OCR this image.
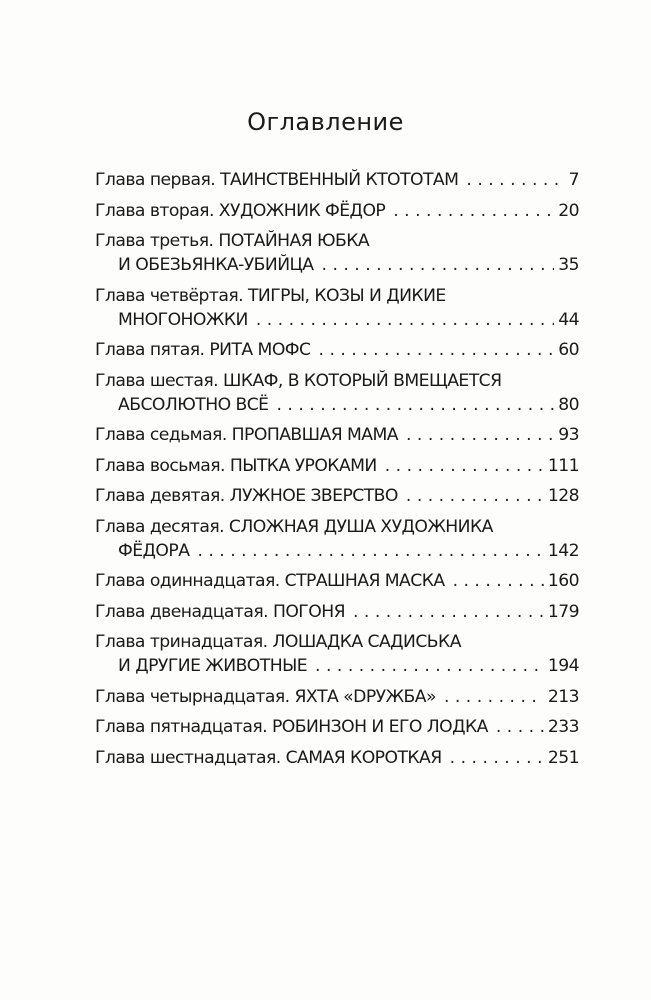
Оглавление
Глава первая. ТАИНСТВЕННЫЙ КТОТОТАМ . . .	7
Глава вторая. ХУДОЖНИК ФЁДОР . . .	20
Глава третья. ПОТАЙНАЯ ЮБКА
И ОБЕЗЬЯНКА-УБИЙЦА . . .	35
Глава четвёртая. ТИГРЫ, КОЗЫ И ДИКИЕ
МНОГОНОЖКИ . . .	44
Глава пятая. РИТА МОФС . . .	60
Глава шестая. ШКАФ, В КОТОРЫЙ ВМЕЩАЕТСЯ
АБСОЛЮТНО ВСЁ . . .	80
Глава седьмая. ПРОПАВШАЯ МАМА . . .	93
Глава восьмая. ПЫТКА УРОКАМИ . . .	111
Глава девятая. ЛУЖНОЕ ЗВЕРСТВО . . .	128
Глава десятая. СЛОЖНАЯ ДУША ХУДОЖНИКА
ФЁДОРА . . .	142
Глава одиннадцатая. СТРАШНАЯ МАСКА . . .	160
Глава двенадцатая. ПОГОНЯ . . .	179
Глава тринадцатая. ЛОШАДКА САДИСЬКА
И ДРУГИЕ ЖИВОТНЫЕ . . .	194
Глава четырнадцатая. ЯХТА «DРУЖБА» . . .	213
Глава пятнадцатая. РОБИНЗОН И ЕГО ЛОДКА . . .	233
Глава шестнадцатая. САМАЯ КОРОТКАЯ . . .	251
